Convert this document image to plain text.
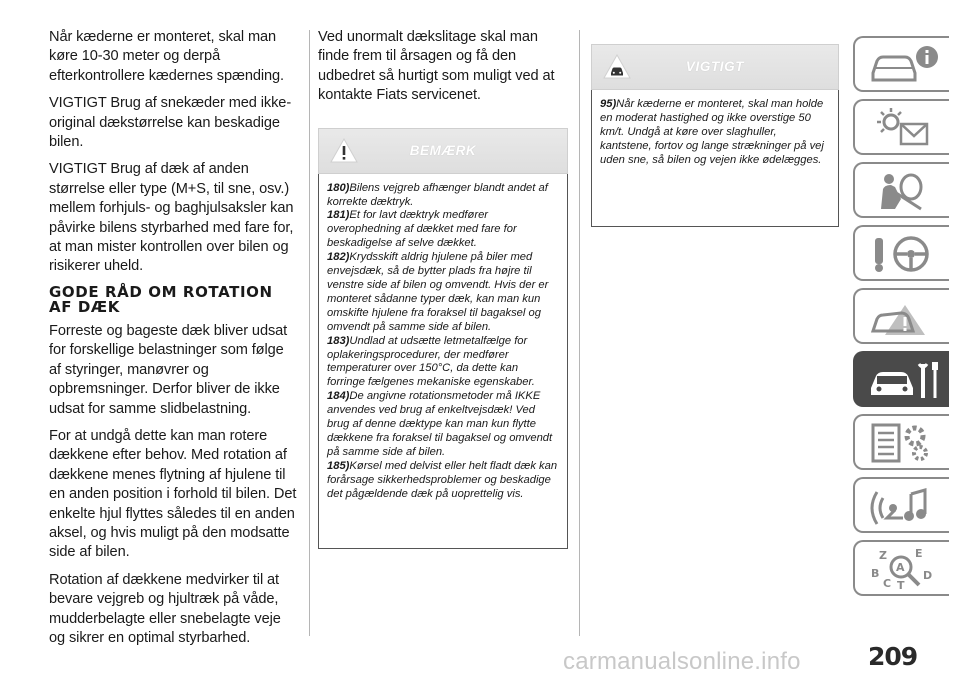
Når kæderne er monteret, skal man køre 10-30 meter og derpå efterkontrollere kædernes spænding.

VIGTIGT Brug af snekæder med ikke-original dækstørrelse kan beskadige bilen.

VIGTIGT Brug af dæk af anden størrelse eller type (M+S, til sne, osv.) mellem forhjuls- og baghjulsaksler kan påvirke bilens styrbarhed med fare for, at man mister kontrollen over bilen og risikerer uheld.

GODE RÅD OM ROTATION AF DÆK

Forreste og bageste dæk bliver udsat for forskellige belastninger som følge af styringer, manøvrer og opbremsninger. Derfor bliver de ikke udsat for samme slidbelastning.

For at undgå dette kan man rotere dækkene efter behov. Med rotation af dækkene menes flytning af hjulene til en anden position i forhold til bilen. Det enkelte hjul flyttes således til en anden aksel, og hvis muligt på den modsatte side af bilen.

Rotation af dækkene medvirker til at bevare vejgreb og hjultræk på våde, mudderbelagte eller snebelagte veje og sikrer en optimal styrbarhed.

Ved unormalt dækslitage skal man finde frem til årsagen og få den udbedret så hurtigt som muligt ved at kontakte Fiats servicenet.

BEMÆRK

180)Bilens vejgreb afhænger blandt andet af korrekte dæktryk.

181)Et for lavt dæktryk medfører overophedning af dækket med fare for beskadigelse af selve dækket.

182)Krydsskift aldrig hjulene på biler med envejsdæk, så de bytter plads fra højre til venstre side af bilen og omvendt. Hvis der er monteret sådanne typer dæk, kan man kun omskifte hjulene fra foraksel til bagaksel og omvendt på samme side af bilen.

183)Undlad at udsætte letmetalfælge for oplakeringsprocedurer, der medfører temperaturer over 150°C, da dette kan forringe fælgenes mekaniske egenskaber.

184)De angivne rotationsmetoder må IKKE anvendes ved brug af enkeltvejsdæk! Ved brug af denne dæktype kan man kun flytte dækkene fra foraksel til bagaksel og omvendt på samme side af bilen.

185)Kørsel med delvist eller helt fladt dæk kan forårsage sikkerhedsproblemer og beskadige det pågældende dæk på uoprettelig vis.

VIGTIGT

95)Når kæderne er monteret, skal man holde en moderat hastighed og ikke overstige 50 km/t. Undgå at køre over slaghuller, kantstene, fortov og lange strækninger på vej uden sne, så bilen og vejen ikke ødelægges.

Z	E
A
B
C T
D
209
carmanualsonline.info
